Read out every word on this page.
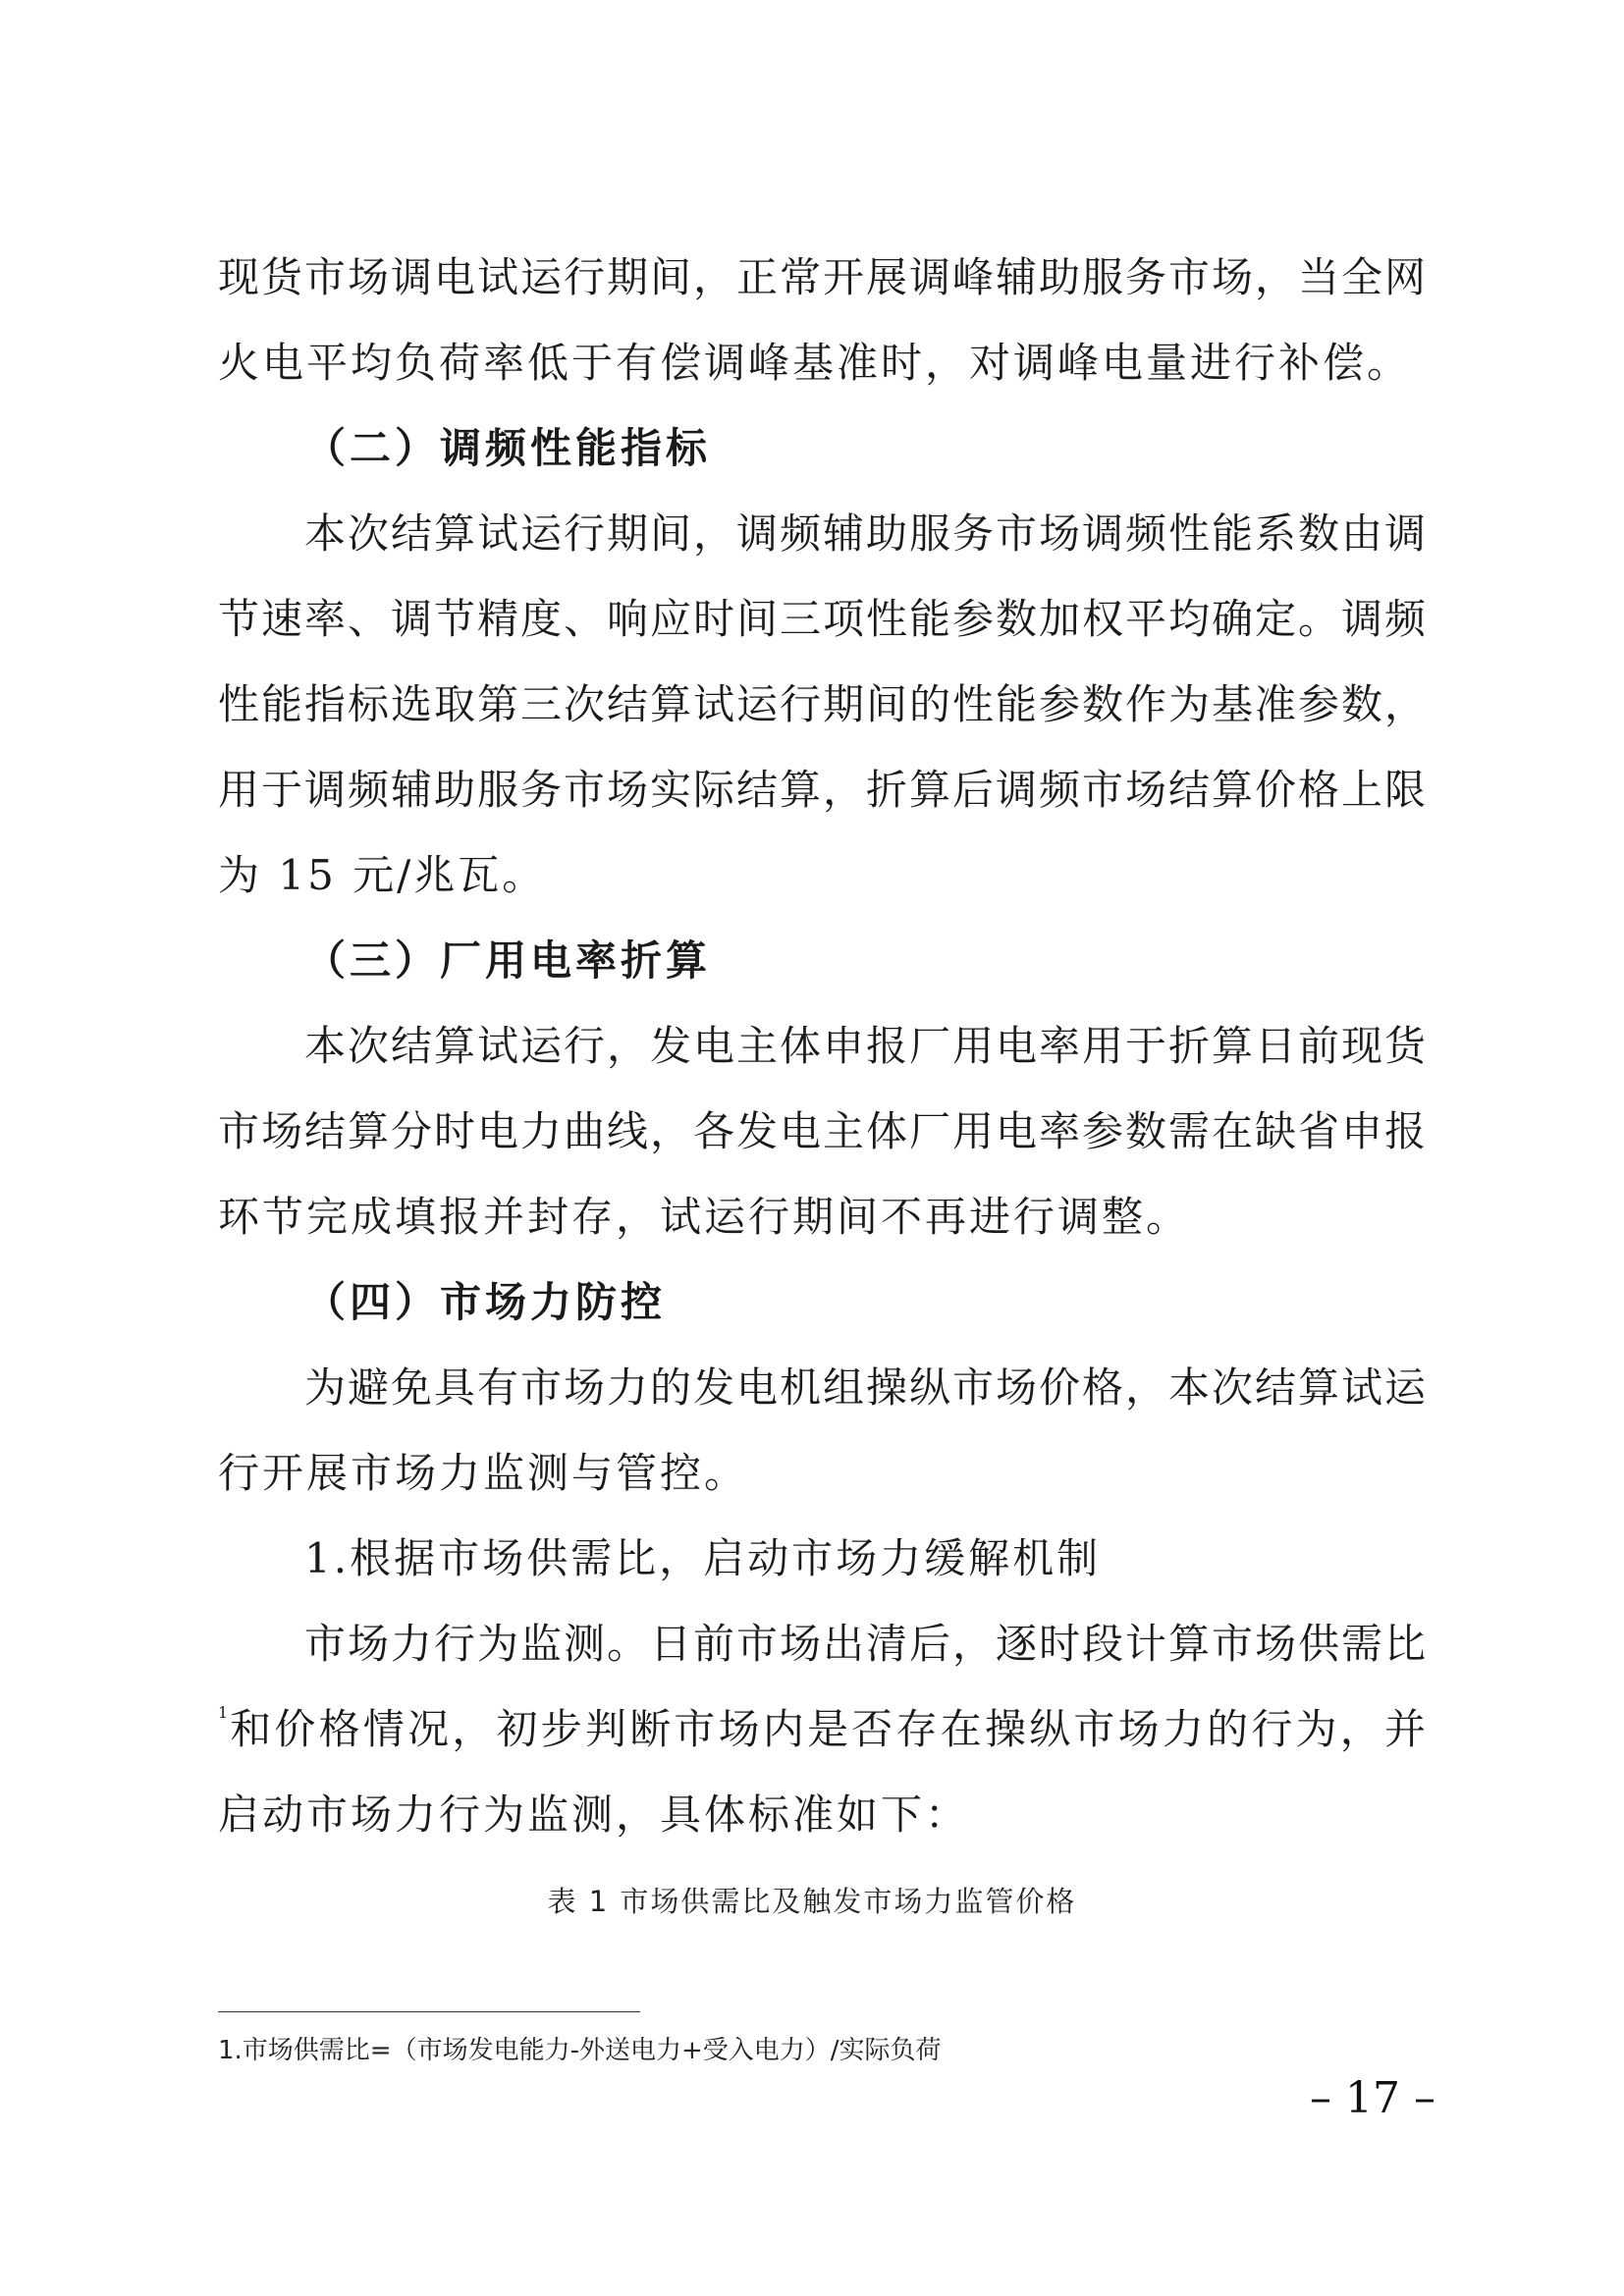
现货市场调电试运行期间，正常开展调峰辅助服务市场，当全网
火电平均负荷率低于有偿调峰基准时，对调峰电量进行补偿。
（二）调频性能指标
本次结算试运行期间，调频辅助服务市场调频性能系数由调
节速率、调节精度、响应时间三项性能参数加权平均确定。调频
性能指标选取第三次结算试运行期间的性能参数作为基准参数，
用于调频辅助服务市场实际结算，折算后调频市场结算价格上限
为 15 元/兆瓦。
（三）厂用电率折算
本次结算试运行，发电主体申报厂用电率用于折算日前现货
市场结算分时电力曲线，各发电主体厂用电率参数需在缺省申报
环节完成填报并封存，试运行期间不再进行调整。
（四）市场力防控
为避免具有市场力的发电机组操纵市场价格，本次结算试运
行开展市场力监测与管控。
1.根据市场供需比，启动市场力缓解机制
市场力行为监测。日前市场出清后，逐时段计算市场供需比
1 和价格情况，初步判断市场内是否存在操纵市场力的行为，并
启动市场力行为监测，具体标准如下：
表 1 市场供需比及触发市场力监管价格
1.市场供需比=（市场发电能力-外送电力+受入电力）/实际负荷
– 17 –
